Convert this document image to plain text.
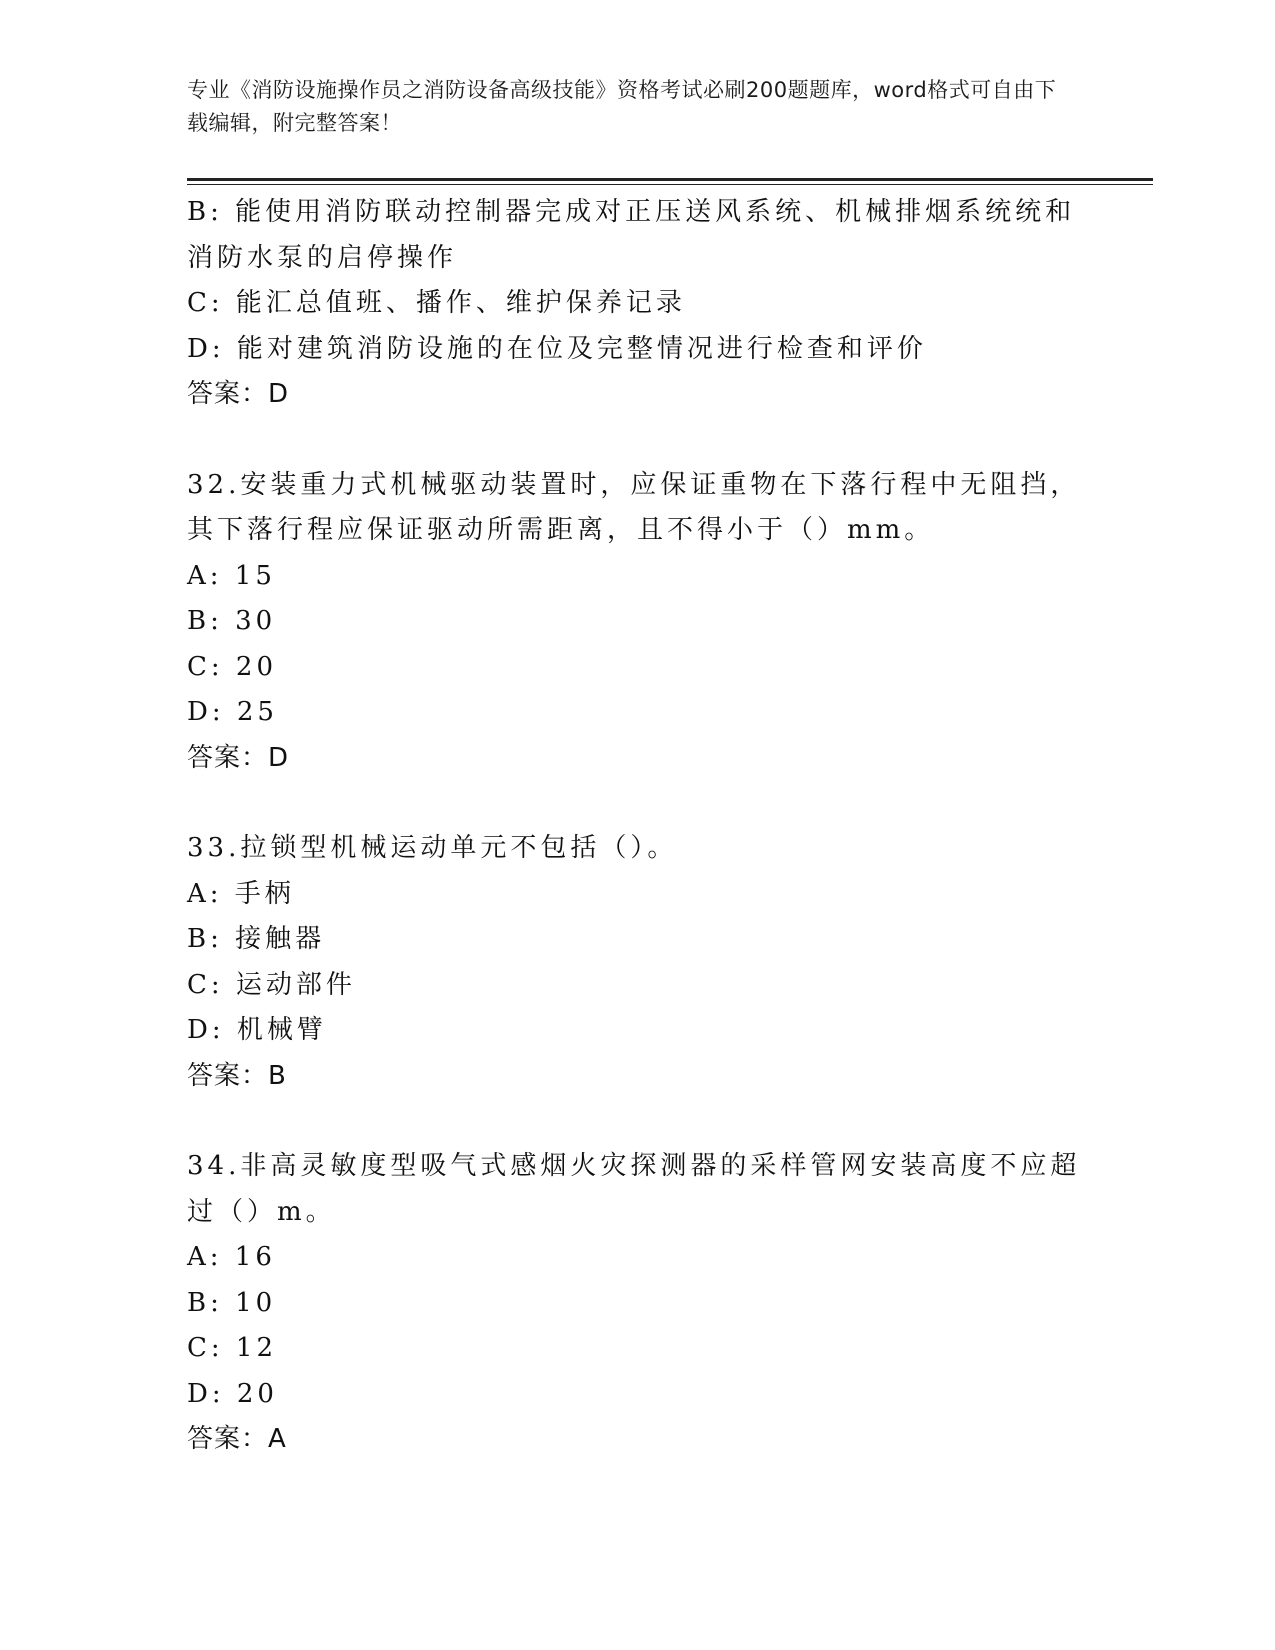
专业《消防设施操作员之消防设备高级技能》资格考试必刷200题题库，word格式可自由下载编辑，附完整答案！
B: 能使用消防联动控制器完成对正压送风系统、机械排烟系统统和消防水泵的启停操作
C: 能汇总值班、播作、维护保养记录
D: 能对建筑消防设施的在位及完整情况进行检查和评价
答案：D
32.安装重力式机械驱动装置时，应保证重物在下落行程中无阻挡，其下落行程应保证驱动所需距离，且不得小于（）mm。
A: 15
B: 30
C: 20
D: 25
答案：D
33.拉锁型机械运动单元不包括（）。
A: 手柄
B: 接触器
C: 运动部件
D: 机械臂
答案：B
34.非高灵敏度型吸气式感烟火灾探测器的采样管网安装高度不应超过（）m。
A: 16
B: 10
C: 12
D: 20
答案：A
